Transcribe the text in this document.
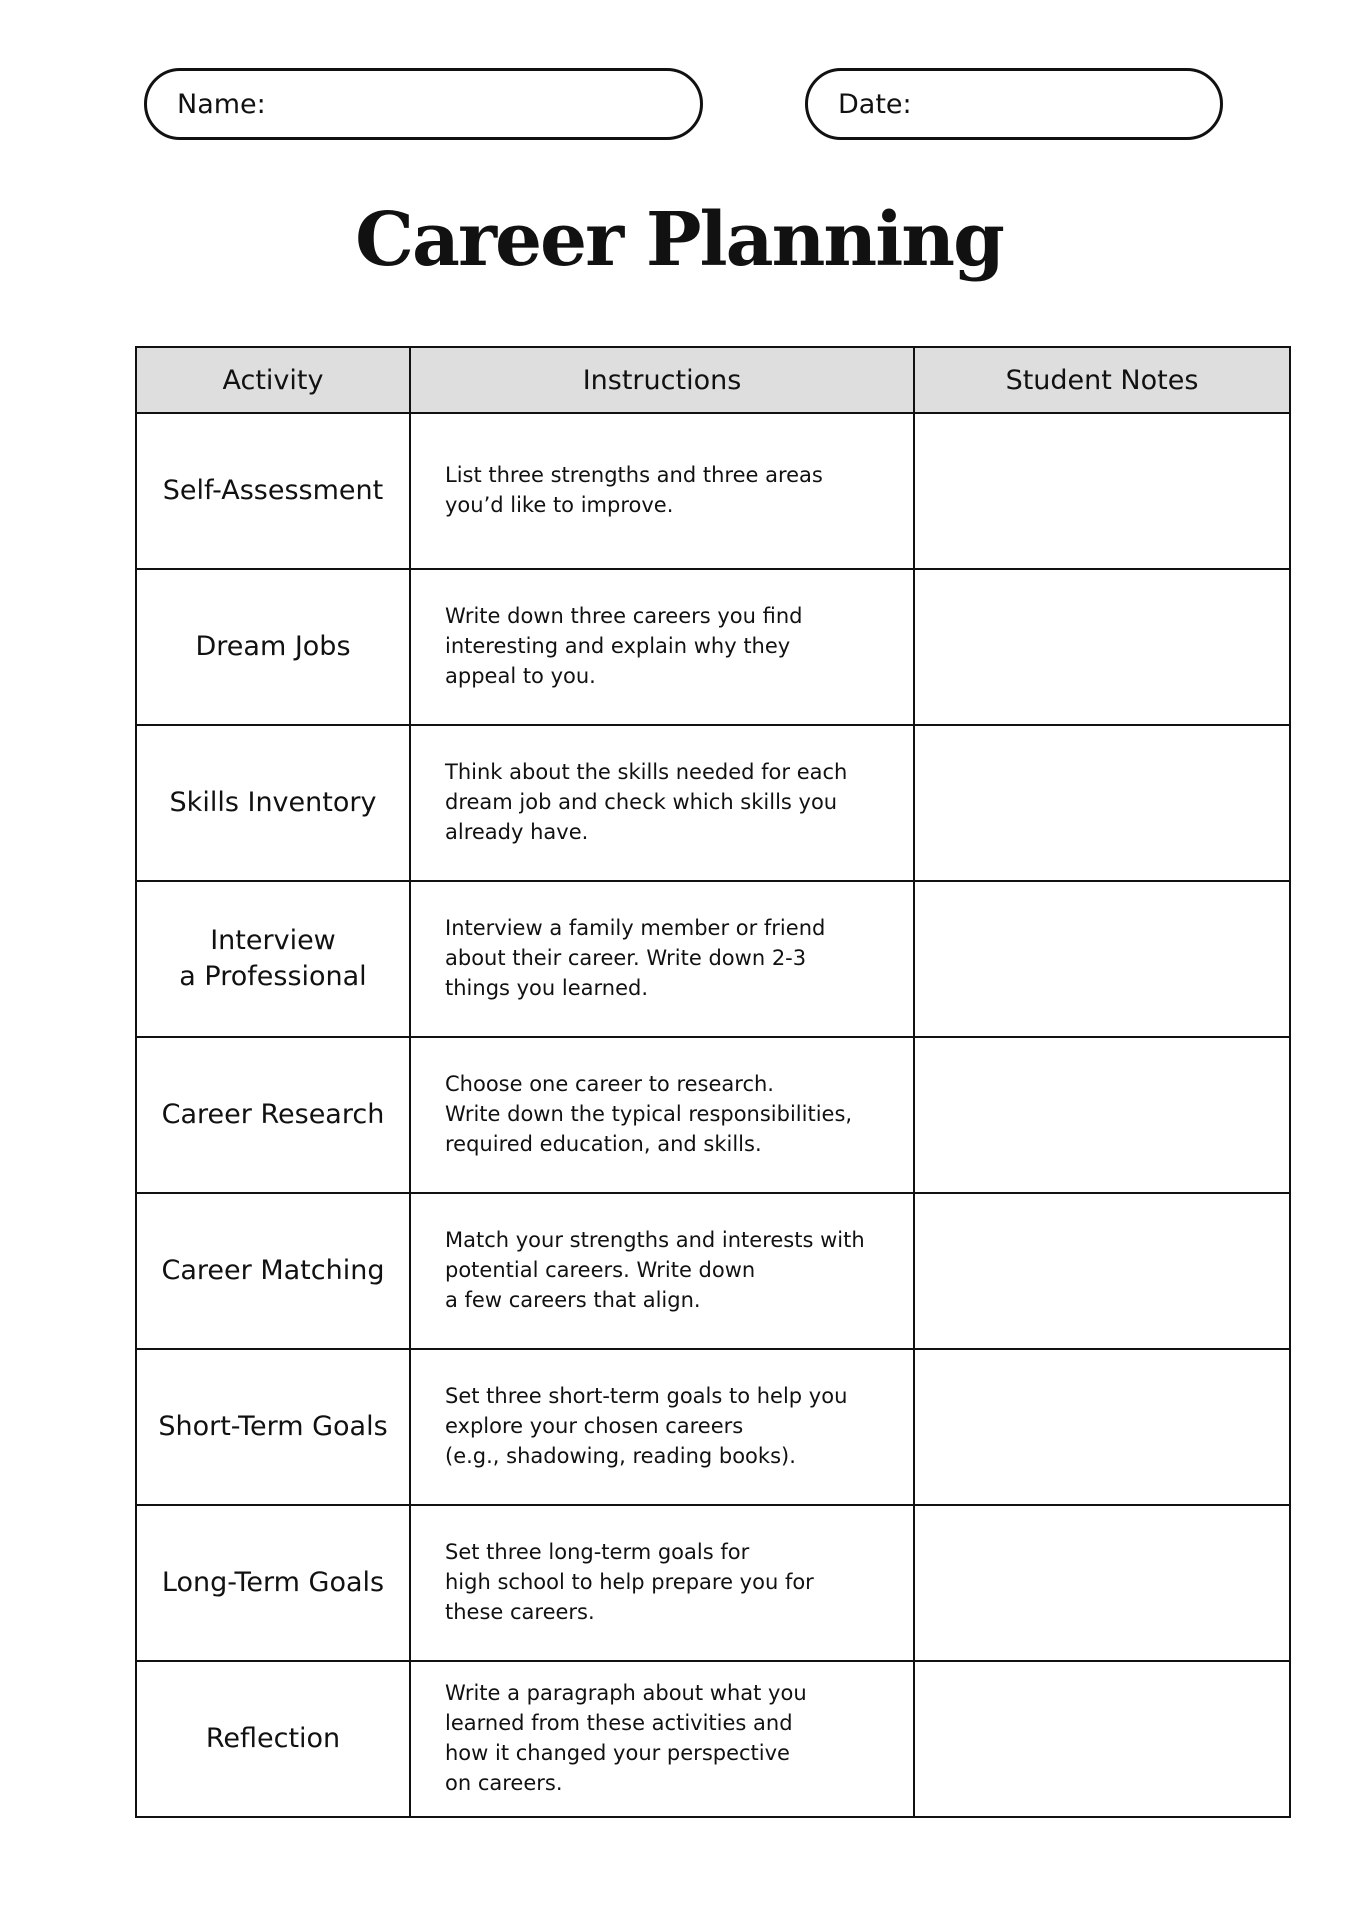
Name:	Date:
Career Planning
Activity	Instructions	Student Notes
Self-Assessment	List three strengths and three areas
you’d like to improve.	
Dream Jobs	Write down three careers you find
interesting and explain why they
appeal to you.	
Skills Inventory	Think about the skills needed for each
dream job and check which skills you
already have.	
Interview
a Professional	Interview a family member or friend
about their career. Write down 2-3
things you learned.	
Career Research	Choose one career to research.
Write down the typical responsibilities,
required education, and skills.	
Career Matching	Match your strengths and interests with
potential careers. Write down
a few careers that align.	
Short-Term Goals	Set three short-term goals to help you
explore your chosen careers
(e.g., shadowing, reading books).	
Long-Term Goals	Set three long-term goals for
high school to help prepare you for
these careers.	
Reflection	Write a paragraph about what you
learned from these activities and
how it changed your perspective
on careers.	
